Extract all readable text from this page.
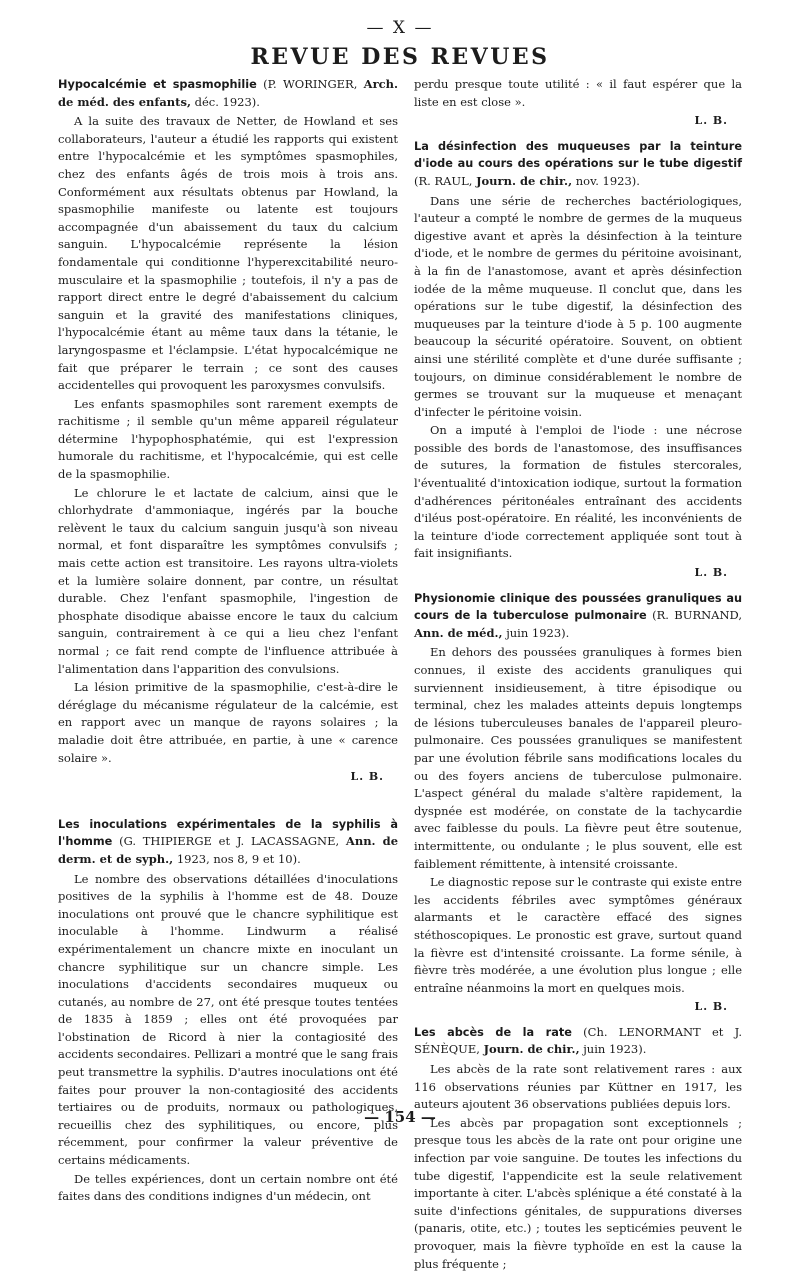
— X —
REVUE DES REVUES
Hypocalcémie et spasmophilie (P. WORINGER, Arch. de méd. des enfants, déc. 1923).

A la suite des travaux de Netter, de Howland et ses collaborateurs, l'auteur a étudié les rapports qui existent entre l'hypocalcémie et les symptômes spasmophiles, chez des enfants âgés de trois mois à trois ans. Conformément aux résultats obtenus par Howland, la spasmophilie manifeste ou latente est toujours accompagnée d'un abaissement du taux du calcium sanguin. L'hypocalcémie représente la lésion fondamentale qui conditionne l'hyperexcitabilité neuro-musculaire et la spasmophilie ; toutefois, il n'y a pas de rapport direct entre le degré d'abaissement du calcium sanguin et la gravité des manifestations cliniques, l'hypocalcémie étant au même taux dans la tétanie, le laryngospasme et l'éclampsie. L'état hypocalcémique ne fait que préparer le terrain ; ce sont des causes accidentelles qui provoquent les paroxysmes convulsifs.

Les enfants spasmophiles sont rarement exempts de rachitisme ; il semble qu'un même appareil régulateur détermine l'hypophosphatémie, qui est l'expression humorale du rachitisme, et l'hypocalcémie, qui est celle de la spasmophilie.

Le chlorure le et lactate de calcium, ainsi que le chlorhydrate d'ammoniaque, ingérés par la bouche relèvent le taux du calcium sanguin jusqu'à son niveau normal, et font disparaître les symptômes convulsifs ; mais cette action est transitoire. Les rayons ultra-violets et la lumière solaire donnent, par contre, un résultat durable. Chez l'enfant spasmophile, l'ingestion de phosphate disodique abaisse encore le taux du calcium sanguin, contrairement à ce qui a lieu chez l'enfant normal ; ce fait rend compte de l'influence attribuée à l'alimentation dans l'apparition des convulsions.

La lésion primitive de la spasmophilie, c'est-à-dire le déréglage du mécanisme régulateur de la calcémie, est en rapport avec un manque de rayons solaires ; la maladie doit être attribuée, en partie, à une « carence solaire ».

L. B.
Les inoculations expérimentales de la syphilis à l'homme (G. THIPIERGE et J. LACASSAGNE, Ann. de derm. et de syph., 1923, nos 8, 9 et 10).

Le nombre des observations détaillées d'inoculations positives de la syphilis à l'homme est de 48. Douze inoculations ont prouvé que le chancre syphilitique est inoculable à l'homme. Lindwurm a réalisé expérimentalement un chancre mixte en inoculant un chancre syphilitique sur un chancre simple. Les inoculations d'accidents secondaires muqueux ou cutanés, au nombre de 27, ont été presque toutes tentées de 1835 à 1859 ; elles ont été provoquées par l'obstination de Ricord à nier la contagiosité des accidents secondaires. Pellizari a montré que le sang frais peut transmettre la syphilis. D'autres inoculations ont été faites pour prouver la non-contagiosité des accidents tertiaires ou de produits, normaux ou pathologiques, recueillis chez des syphilitiques, ou encore, plus récemment, pour confirmer la valeur préventive de certains médicaments.

De telles expériences, dont un certain nombre ont été faites dans des conditions indignes d'un médecin, ont

perdu presque toute utilité : « il faut espérer que la liste en est close ».

L. B.
La désinfection des muqueuses par la teinture d'iode au cours des opérations sur le tube digestif (R. RAUL, Journ. de chir., nov. 1923).

Dans une série de recherches bactériologiques, l'auteur a compté le nombre de germes de la muqueus digestive avant et après la désinfection à la teinture d'iode, et le nombre de germes du péritoine avoisinant, à la fin de l'anastomose, avant et après désinfection iodée de la même muqueuse. Il conclut que, dans les opérations sur le tube digestif, la désinfection des muqueuses par la teinture d'iode à 5 p. 100 augmente beaucoup la sécurité opératoire. Souvent, on obtient ainsi une stérilité complète et d'une durée suffisante ; toujours, on diminue considérablement le nombre de germes se trouvant sur la muqueuse et menaçant d'infecter le péritoine voisin.

On a imputé à l'emploi de l'iode : une nécrose possible des bords de l'anastomose, des insuffisances de sutures, la formation de fistules stercorales, l'éventualité d'intoxication iodique, surtout la formation d'adhérences péritonéales entraînant des accidents d'iléus post-opératoire. En réalité, les inconvénients de la teinture d'iode correctement appliquée sont tout à fait insignifiants.

L. B.
Physionomie clinique des poussées granuliques au cours de la tuberculose pulmonaire (R. BURNAND, Ann. de méd., juin 1923).

En dehors des poussées granuliques à formes bien connues, il existe des accidents granuliques qui surviennent insidieusement, à titre épisodique ou terminal, chez les malades atteints depuis longtemps de lésions tuberculeuses banales de l'appareil pleuro-pulmonaire. Ces poussées granuliques se manifestent par une évolution fébrile sans modifications locales du ou des foyers anciens de tuberculose pulmonaire. L'aspect général du malade s'altère rapidement, la dyspnée est modérée, on constate de la tachycardie avec faiblesse du pouls. La fièvre peut être soutenue, intermittente, ou ondulante ; le plus souvent, elle est faiblement rémittente, à intensité croissante.

Le diagnostic repose sur le contraste qui existe entre les accidents fébriles avec symptômes généraux alarmants et le caractère effacé des signes stéthoscopiques. Le pronostic est grave, surtout quand la fièvre est d'intensité croissante. La forme sénile, à fièvre très modérée, a une évolution plus longue ; elle entraîne néanmoins la mort en quelques mois.

L. B.
Les abcès de la rate (Ch. LENORMANT et J. SÉNÈQUE, Journ. de chir., juin 1923).

Les abcès de la rate sont relativement rares : aux 116 observations réunies par Küttner en 1917, les auteurs ajoutent 36 observations publiées depuis lors.

Les abcès par propagation sont exceptionnels ; presque tous les abcès de la rate ont pour origine une infection par voie sanguine. De toutes les infections du tube digestif, l'appendicite est la seule relativement importante à citer. L'abcès splénique a été constaté à la suite d'infections génitales, de suppurations diverses (panaris, otite, etc.) ; toutes les septicémies peuvent le provoquer, mais la fièvre typhoïde en est la cause la plus fréquente ;

— 154 —
